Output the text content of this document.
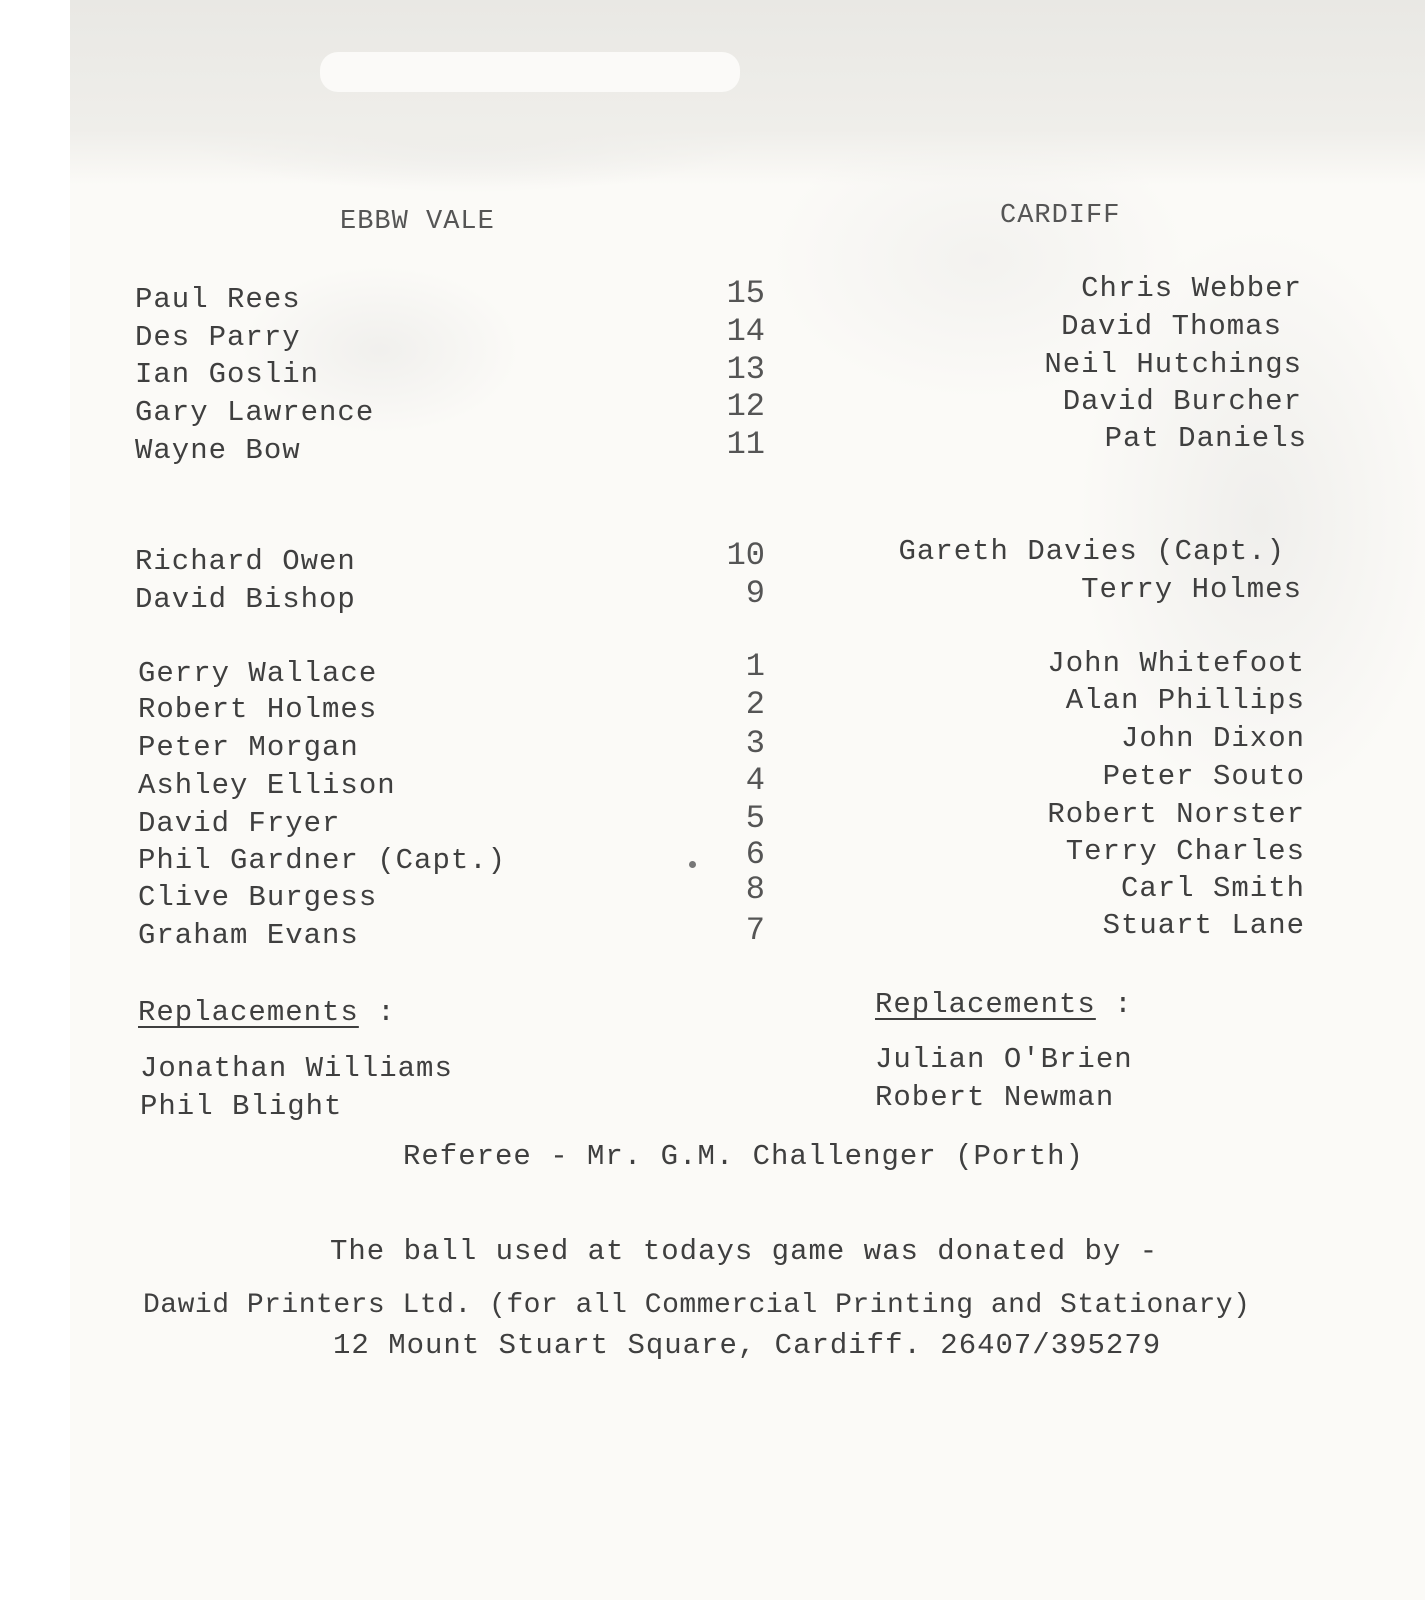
EBBW VALE	CARDIFF
Paul Rees
Des Parry
Ian Goslin
Gary Lawrence
Wayne Bow
15
14
13
12
11
Chris Webber
David Thomas
Neil Hutchings
David Burcher
Pat Daniels
Richard Owen
David Bishop
10
9
Gareth Davies (Capt.)
Terry Holmes
Gerry Wallace
Robert Holmes
Peter Morgan
Ashley Ellison
David Fryer
Phil Gardner (Capt.)
Clive Burgess
Graham Evans
1
2
3
4
5
6
8
7
John Whitefoot
Alan Phillips
John Dixon
Peter Souto
Robert Norster
Terry Charles
Carl Smith
Stuart Lane
Replacements :
Jonathan Williams
Phil Blight
Replacements :
Julian O'Brien
Robert Newman
Referee - Mr. G.M. Challenger (Porth)
The ball used at todays game was donated by -
Dawid Printers Ltd. (for all Commercial Printing and Stationary)
12 Mount Stuart Square, Cardiff. 26407/395279
